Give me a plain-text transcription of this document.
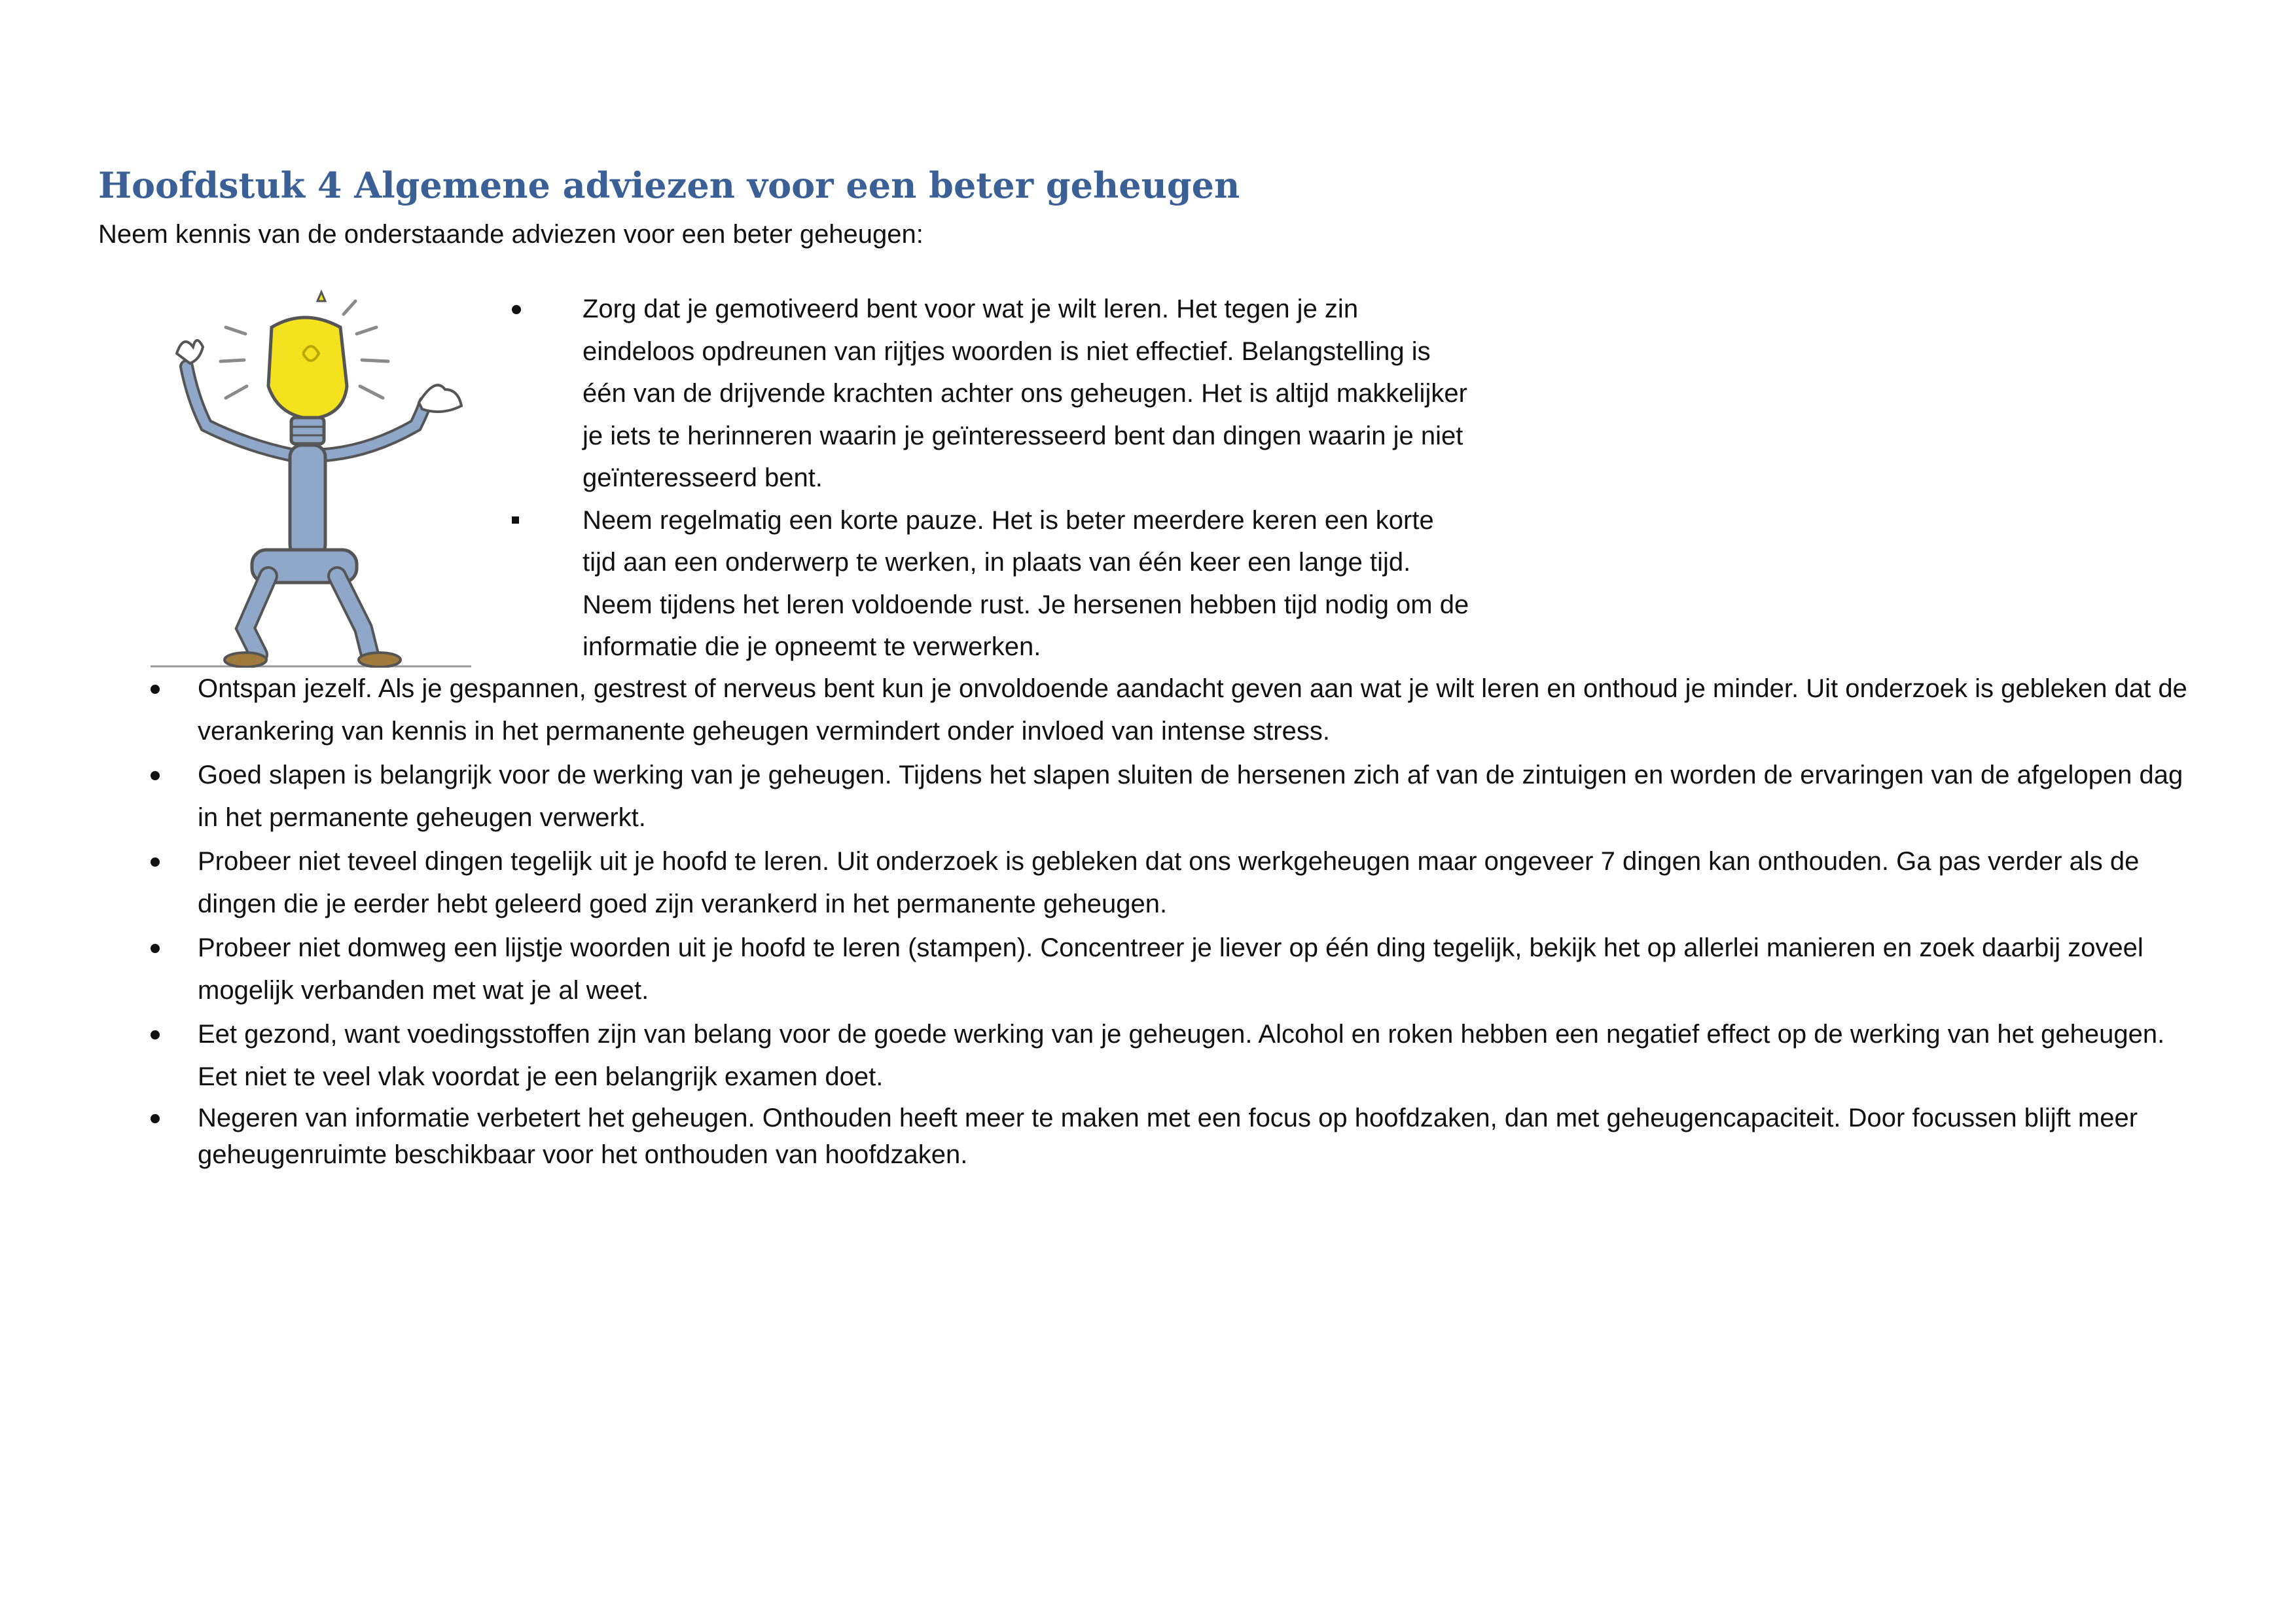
Hoofdstuk 4 Algemene adviezen voor een beter geheugen

Neem kennis van de onderstaande adviezen voor een beter geheugen:

Zorg dat je gemotiveerd bent voor wat je wilt leren. Het tegen je zin
eindeloos opdreunen van rijtjes woorden is niet effectief. Belangstelling is
één van de drijvende krachten achter ons geheugen. Het is altijd makkelijker
je iets te herinneren waarin je geïnteresseerd bent dan dingen waarin je niet
geïnteresseerd bent.
Neem regelmatig een korte pauze. Het is beter meerdere keren een korte
tijd aan een onderwerp te werken, in plaats van één keer een lange tijd.
Neem tijdens het leren voldoende rust. Je hersenen hebben tijd nodig om de
informatie die je opneemt te verwerken.
Ontspan jezelf. Als je gespannen, gestrest of nerveus bent kun je onvoldoende aandacht geven aan wat je wilt leren en onthoud je minder. Uit onderzoek is gebleken dat de verankering van kennis in het permanente geheugen vermindert onder invloed van intense stress.
Goed slapen is belangrijk voor de werking van je geheugen. Tijdens het slapen sluiten de hersenen zich af van de zintuigen en worden de ervaringen van de afgelopen dag in het permanente geheugen verwerkt.
Probeer niet teveel dingen tegelijk uit je hoofd te leren. Uit onderzoek is gebleken dat ons werkgeheugen maar ongeveer 7 dingen kan onthouden. Ga pas verder als de dingen die je eerder hebt geleerd goed zijn verankerd in het permanente geheugen.
Probeer niet domweg een lijstje woorden uit je hoofd te leren (stampen). Concentreer je liever op één ding tegelijk, bekijk het op allerlei manieren en zoek daarbij zoveel mogelijk verbanden met wat je al weet.
Eet gezond, want voedingsstoffen zijn van belang voor de goede werking van je geheugen. Alcohol en roken hebben een negatief effect op de werking van het geheugen. Eet niet te veel vlak voordat je een belangrijk examen doet.
Negeren van informatie verbetert het geheugen. Onthouden heeft meer te maken met een focus op hoofdzaken, dan met geheugencapaciteit. Door focussen blijft meer geheugenruimte beschikbaar voor het onthouden van hoofdzaken.
